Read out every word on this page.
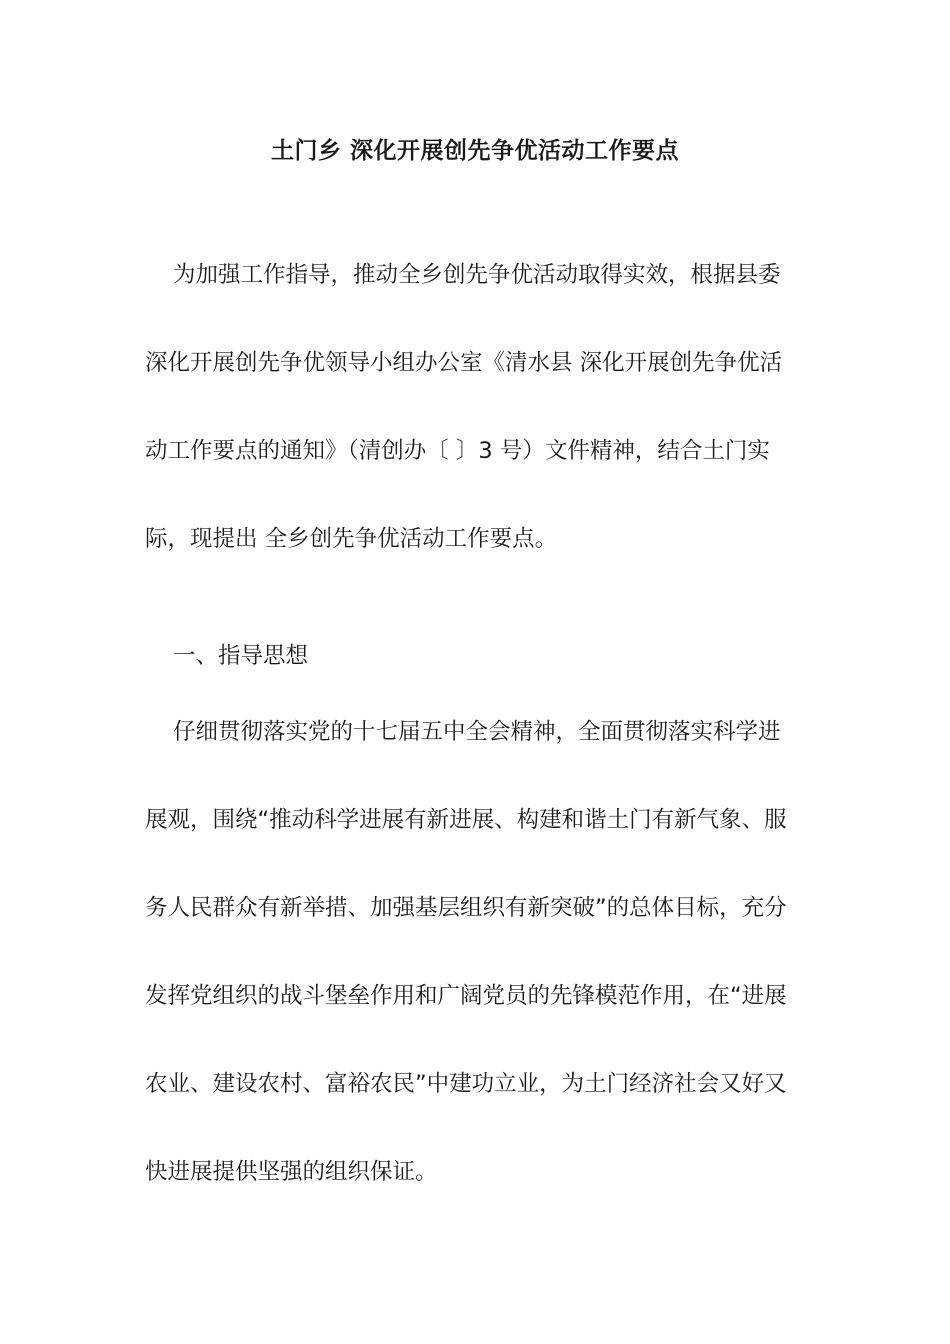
土门乡 深化开展创先争优活动工作要点
为加强工作指导，推动全乡创先争优活动取得实效，根据县委
深化开展创先争优领导小组办公室《清水县 深化开展创先争优活
动工作要点的通知》（清创办〔 〕3 号）文件精神，结合土门实
际，现提出 全乡创先争优活动工作要点。
一、指导思想
仔细贯彻落实党的十七届五中全会精神，全面贯彻落实科学进
展观，围绕“推动科学进展有新进展、构建和谐土门有新气象、服
务人民群众有新举措、加强基层组织有新突破”的总体目标，充分
发挥党组织的战斗堡垒作用和广阔党员的先锋模范作用，在“进展
农业、建设农村、富裕农民”中建功立业，为土门经济社会又好又
快进展提供坚强的组织保证。
